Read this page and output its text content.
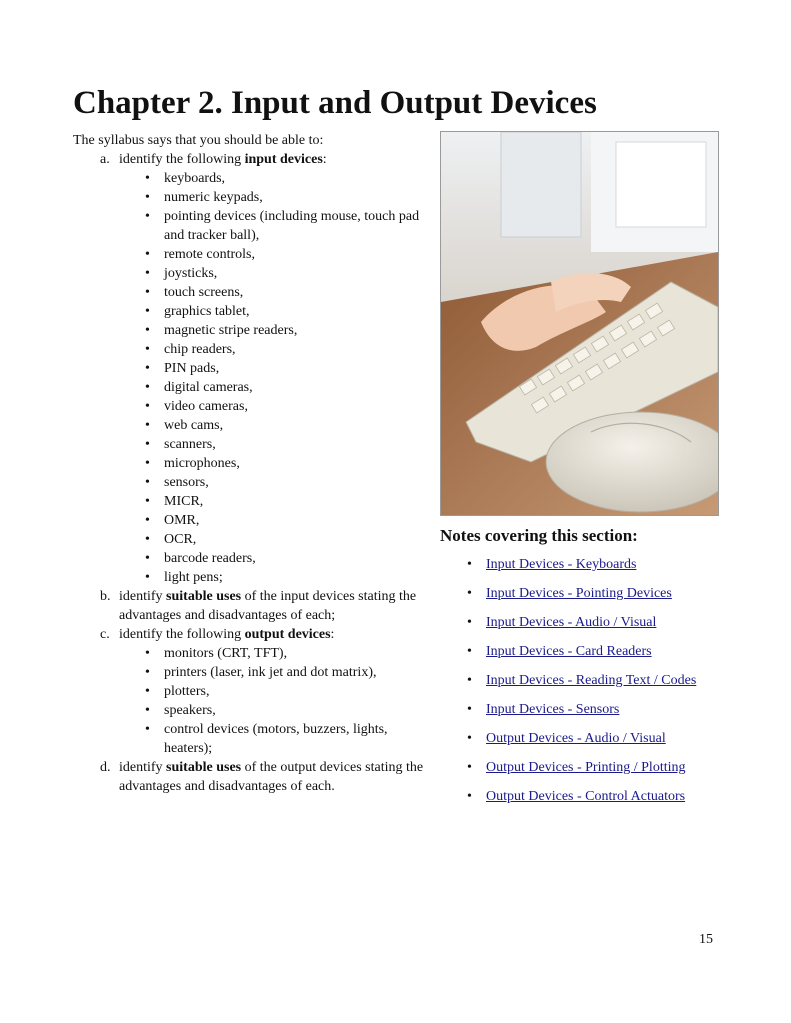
Chapter 2. Input and Output Devices
The syllabus says that you should be able to:
a. identify the following input devices:
• keyboards,
• numeric keypads,
• pointing devices (including mouse, touch pad and tracker ball),
• remote controls,
• joysticks,
• touch screens,
• graphics tablet,
• magnetic stripe readers,
• chip readers,
• PIN pads,
• digital cameras,
• video cameras,
• web cams,
• scanners,
• microphones,
• sensors,
• MICR,
• OMR,
• OCR,
• barcode readers,
• light pens;
b. identify suitable uses of the input devices stating the advantages and disadvantages of each;
c. identify the following output devices:
• monitors (CRT, TFT),
• printers (laser, ink jet and dot matrix),
• plotters,
• speakers,
• control devices (motors, buzzers, lights, heaters);
d. identify suitable uses of the output devices stating the advantages and disadvantages of each.
Notes covering this section:
• Input Devices - Keyboards
• Input Devices - Pointing Devices
• Input Devices - Audio / Visual
• Input Devices - Card Readers
• Input Devices - Reading Text / Codes
• Input Devices - Sensors
• Output Devices - Audio / Visual
• Output Devices - Printing / Plotting
• Output Devices - Control Actuators
15
